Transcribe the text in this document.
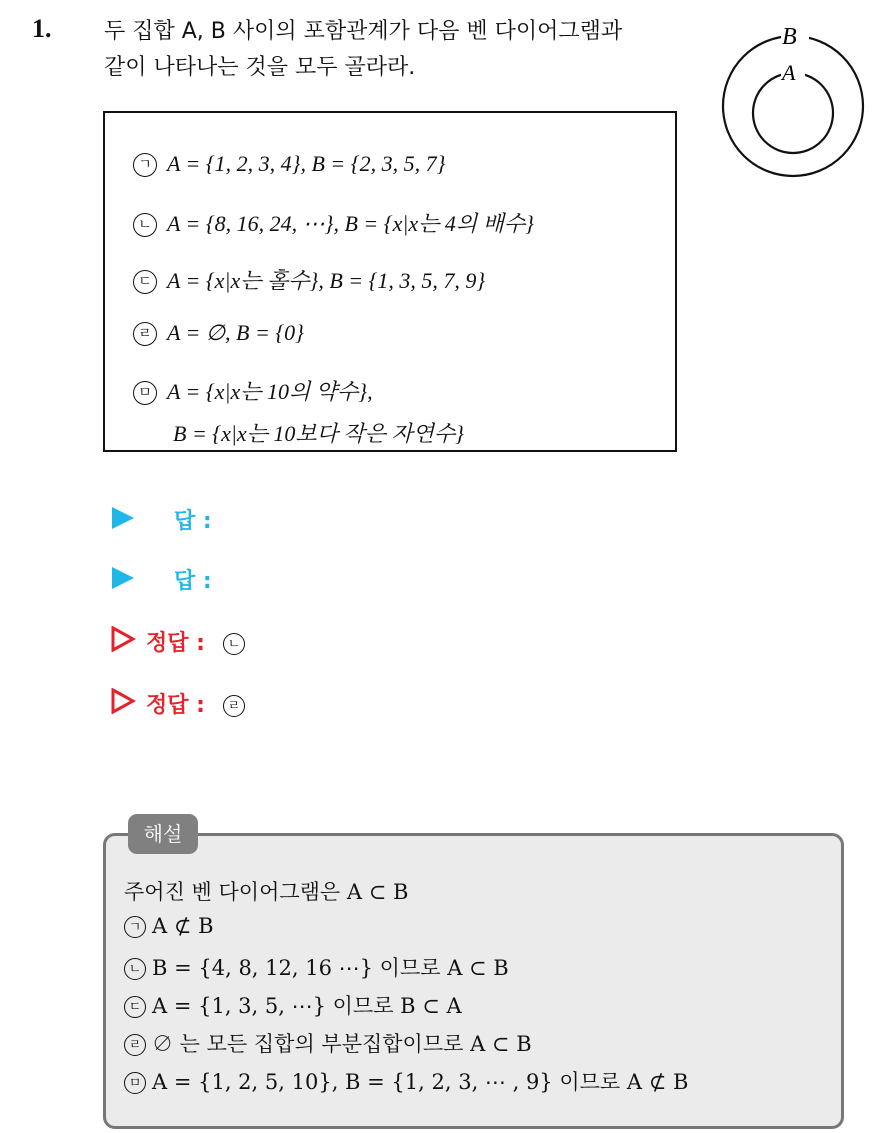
1. 두 집합 A, B 사이의 포함관계가 다음 벤 다이어그램과
같이 나타나는 것을 모두 골라라.
B
A
ㄱ A = {1, 2, 3, 4}, B = {2, 3, 5, 7}
ㄴ A = {8, 16, 24, ⋯}, B = {x|x는 4의 배수}
ㄷ A = {x|x는 홀수}, B = {1, 3, 5, 7, 9}
ㄹ A = ∅, B = {0}
ㅁ A = {x|x는 10의 약수},
B = {x|x는 10보다 작은 자연수}
답 :
답 :
정답 : ㄴ
정답 : ㄹ
주어진 벤 다이어그램은 A ⊂ B
ㄱ A ⊄ B
ㄴ B = {4, 8, 12, 16 ⋯} 이므로 A ⊂ B
ㄷ A = {1, 3, 5, ⋯} 이므로 B ⊂ A
ㄹ ∅ 는 모든 집합의 부분집합이므로 A ⊂ B
ㅁ A = {1, 2, 5, 10}, B = {1, 2, 3, ⋯ , 9} 이므로 A ⊄ B
해설
